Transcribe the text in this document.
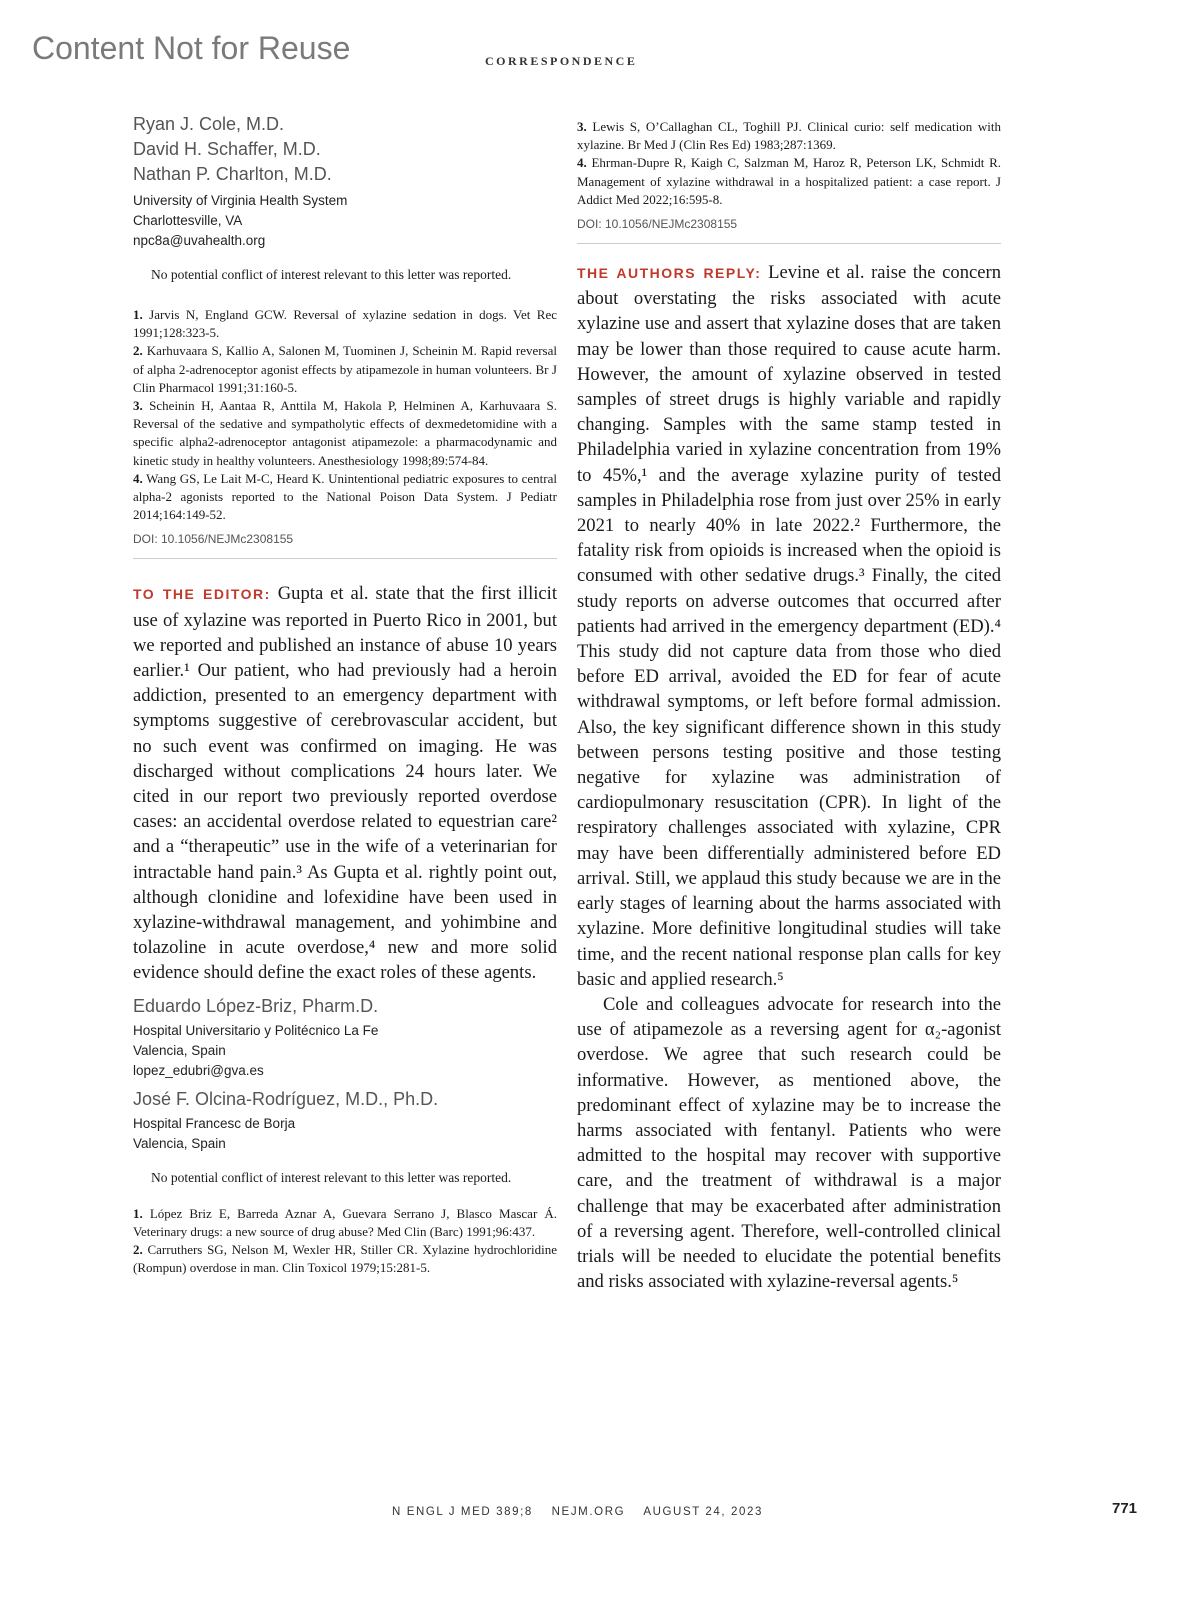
Content Not for Reuse	CORRESPONDENCE
Ryan J. Cole, M.D.
David H. Schaffer, M.D.
Nathan P. Charlton, M.D.
University of Virginia Health System
Charlottesville, VA
npc8a@uvahealth.org

No potential conflict of interest relevant to this letter was reported.

1. Jarvis N, England GCW. Reversal of xylazine sedation in dogs. Vet Rec 1991;128:323-5.

2. Karhuvaara S, Kallio A, Salonen M, Tuominen J, Scheinin M. Rapid reversal of alpha 2-adrenoceptor agonist effects by atipamezole in human volunteers. Br J Clin Pharmacol 1991;31:160-5.

3. Scheinin H, Aantaa R, Anttila M, Hakola P, Helminen A, Karhuvaara S. Reversal of the sedative and sympatholytic effects of dexmedetomidine with a specific alpha2-adrenoceptor antagonist atipamezole: a pharmacodynamic and kinetic study in healthy volunteers. Anesthesiology 1998;89:574-84.

4. Wang GS, Le Lait M-C, Heard K. Unintentional pediatric exposures to central alpha-2 agonists reported to the National Poison Data System. J Pediatr 2014;164:149-52.

DOI: 10.1056/NEJMc2308155

TO THE EDITOR: Gupta et al. state that the first illicit use of xylazine was reported in Puerto Rico in 2001, but we reported and published an instance of abuse 10 years earlier.¹ Our patient, who had previously had a heroin addiction, presented to an emergency department with symptoms suggestive of cerebrovascular accident, but no such event was confirmed on imaging. He was discharged without complications 24 hours later. We cited in our report two previously reported overdose cases: an accidental overdose related to equestrian care² and a “therapeutic” use in the wife of a veterinarian for intractable hand pain.³ As Gupta et al. rightly point out, although clonidine and lofexidine have been used in xylazine-withdrawal management, and yohimbine and tolazoline in acute overdose,⁴ new and more solid evidence should define the exact roles of these agents.

Eduardo López-Briz, Pharm.D.
Hospital Universitario y Politécnico La Fe
Valencia, Spain
lopez_edubri@gva.es
José F. Olcina-Rodríguez, M.D., Ph.D.
Hospital Francesc de Borja
Valencia, Spain

No potential conflict of interest relevant to this letter was reported.

1. López Briz E, Barreda Aznar A, Guevara Serrano J, Blasco Mascar Á. Veterinary drugs: a new source of drug abuse? Med Clin (Barc) 1991;96:437.

2. Carruthers SG, Nelson M, Wexler HR, Stiller CR. Xylazine hydrochloridine (Rompun) overdose in man. Clin Toxicol 1979;15:281-5.

3. Lewis S, O’Callaghan CL, Toghill PJ. Clinical curio: self medication with xylazine. Br Med J (Clin Res Ed) 1983;287:1369.

4. Ehrman-Dupre R, Kaigh C, Salzman M, Haroz R, Peterson LK, Schmidt R. Management of xylazine withdrawal in a hospitalized patient: a case report. J Addict Med 2022;16:595-8.

DOI: 10.1056/NEJMc2308155

THE AUTHORS REPLY: Levine et al. raise the concern about overstating the risks associated with acute xylazine use and assert that xylazine doses that are taken may be lower than those required to cause acute harm. However, the amount of xylazine observed in tested samples of street drugs is highly variable and rapidly changing. Samples with the same stamp tested in Philadelphia varied in xylazine concentration from 19% to 45%,¹ and the average xylazine purity of tested samples in Philadelphia rose from just over 25% in early 2021 to nearly 40% in late 2022.² Furthermore, the fatality risk from opioids is increased when the opioid is consumed with other sedative drugs.³ Finally, the cited study reports on adverse outcomes that occurred after patients had arrived in the emergency department (ED).⁴ This study did not capture data from those who died before ED arrival, avoided the ED for fear of acute withdrawal symptoms, or left before formal admission. Also, the key significant difference shown in this study between persons testing positive and those testing negative for xylazine was administration of cardiopulmonary resuscitation (CPR). In light of the respiratory challenges associated with xylazine, CPR may have been differentially administered before ED arrival. Still, we applaud this study because we are in the early stages of learning about the harms associated with xylazine. More definitive longitudinal studies will take time, and the recent national response plan calls for key basic and applied research.⁵

Cole and colleagues advocate for research into the use of atipamezole as a reversing agent for α₂-agonist overdose. We agree that such research could be informative. However, as mentioned above, the predominant effect of xylazine may be to increase the harms associated with fentanyl. Patients who were admitted to the hospital may recover with supportive care, and the treatment of withdrawal is a major challenge that may be exacerbated after administration of a reversing agent. Therefore, well-controlled clinical trials will be needed to elucidate the potential benefits and risks associated with xylazine-reversal agents.⁵

N ENGL J MED 389;8 NEJM.ORG AUGUST 24, 2023	771
